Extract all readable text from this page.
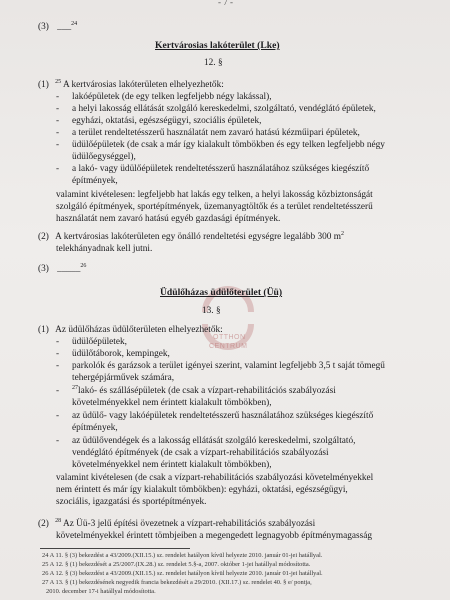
- 7 -
(3) ___$^{24}$
Kertvárosias lakóterület (Lke)
12. §
(1) $^{25}$ A kertvárosias lakóterületen elhelyezhetők:
- lakóépületek (de egy telken legfeljebb négy lakással),
- a helyi lakosság ellátását szolgáló kereskedelmi, szolgáltató, vendéglátó épületek,
- egyházi, oktatási, egészségügyi, szociális épületek,
- a terület rendeltetésszerű használatát nem zavaró hatású kézműipari épületek,
- üdülőépületek (de csak a már így kialakult tömbökben és egy telken legfeljebb négy
üdülőegységgel),
- a lakó- vagy üdülőépületek rendeltetésszerű használatához szükséges kiegészítő
építmények,
valamint kivételesen: legfeljebb hat lakás egy telken, a helyi lakosság közbiztonságát
szolgáló építmények, sportépítmények, üzemanyagtöltők és a terület rendeltetésszerű
használatát nem zavaró hatású egyéb gazdasági építmények.
(2) A kertvárosias lakóterületen egy önálló rendeltetési egységre legalább 300 $m^2$
telekhányadnak kell jutni.
(3) _____$^{26}$
OTTHON
CENTRUM
Üdülőházas üdülőterület (Üü)
13. §
(1) Az üdülőházas üdülőterületen elhelyezhetők:
- üdülőépületek,
- üdülőtáborok, kempingek,
- parkolók és garázsok a terület igényei szerint, valamint legfeljebb 3,5 t saját tömegű
tehergépjárművek számára,
- $^{27}$lakó- és szállásépületek (de csak a vízpart-rehabilitációs szabályozási
követelményekkel nem érintett kialakult tömbökben),
- az üdülő- vagy lakóépületek rendeltetésszerű használatához szükséges kiegészítő
építmények,
- az üdülővendégek és a lakosság ellátását szolgáló kereskedelmi, szolgáltató,
vendéglátó építmények (de csak a vízpart-rehabilitációs szabályozási
követelményekkel nem érintett kialakult tömbökben),
valamint kivételesen (de csak a vízpart-rehabilitációs szabályozási követelményekkel
nem érintett és már így kialakult tömbökben): egyházi, oktatási, egészségügyi,
szociális, igazgatási és sportépítmények.
(2) $^{28}$ Az Üü-3 jelű építési övezetnek a vízpart-rehabilitációs szabályozási
követelményekkel érintett tömbjeiben a megengedett legnagyobb építménymagasság
24 A 11. § (3) bekezdést a 43/2009.(XII.15.) sz. rendelet hatályon kívül helyezte 2010. január 01-jei hatállyal.
25 A 12. § (1) bekezdését a 25/2007.(IX.28.) sz. rendelet 5.§-a, 2007. október 1-jei hatállyal módosította.
26 A 12. § (3) bekezdést a 43/2009.(XII.15.) sz. rendelet hatályon kívül helyezte 2010. január 01-jei hatállyal.
27 A 13. § (1) bekezdésének negyedik francia bekezdését a 29/2010. (XII.17.) sz. rendelet 40. § e/ pontja,
2010. december 17-i hatállyal módosította.
